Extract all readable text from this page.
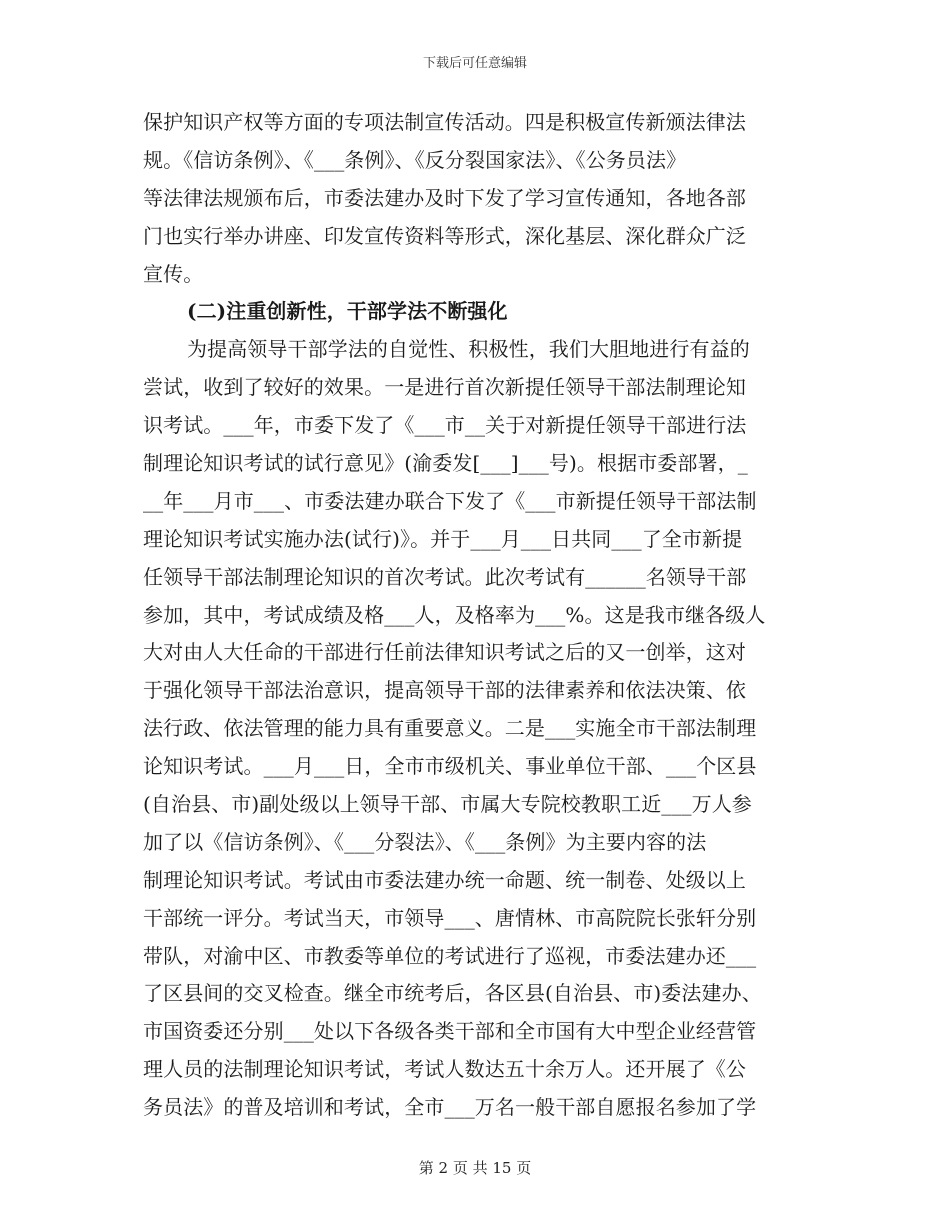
下载后可任意编辑
保护知识产权等方面的专项法制宣传活动。四是积极宣传新颁法律法
规。《信访条例》、《___条例》、《反分裂国家法》、《公务员法》
等法律法规颁布后，市委法建办及时下发了学习宣传通知，各地各部
门也实行举办讲座、印发宣传资料等形式，深化基层、深化群众广泛
宣传。
(二)注重创新性，干部学法不断强化
为提高领导干部学法的自觉性、积极性，我们大胆地进行有益的
尝试，收到了较好的效果。一是进行首次新提任领导干部法制理论知
识考试。___年，市委下发了《___市__关于对新提任领导干部进行法
制理论知识考试的试行意见》(渝委发[___]___号)。根据市委部署，_
__年___月市___、市委法建办联合下发了《___市新提任领导干部法制
理论知识考试实施办法(试行)》。并于___月___日共同___了全市新提
任领导干部法制理论知识的首次考试。此次考试有______名领导干部
参加，其中，考试成绩及格___人，及格率为___%。这是我市继各级人
大对由人大任命的干部进行任前法律知识考试之后的又一创举，这对
于强化领导干部法治意识，提高领导干部的法律素养和依法决策、依
法行政、依法管理的能力具有重要意义。二是___实施全市干部法制理
论知识考试。___月___日，全市市级机关、事业单位干部、___个区县
(自治县、市)副处级以上领导干部、市属大专院校教职工近___万人参
加了以《信访条例》、《___分裂法》、《___条例》为主要内容的法
制理论知识考试。考试由市委法建办统一命题、统一制卷、处级以上
干部统一评分。考试当天，市领导___、唐情林、市高院院长张轩分别
带队，对渝中区、市教委等单位的考试进行了巡视，市委法建办还___
了区县间的交叉检查。继全市统考后，各区县(自治县、市)委法建办、
市国资委还分别___处以下各级各类干部和全市国有大中型企业经营管
理人员的法制理论知识考试，考试人数达五十余万人。还开展了《公
务员法》的普及培训和考试，全市___万名一般干部自愿报名参加了学
第 2 页 共 15 页
